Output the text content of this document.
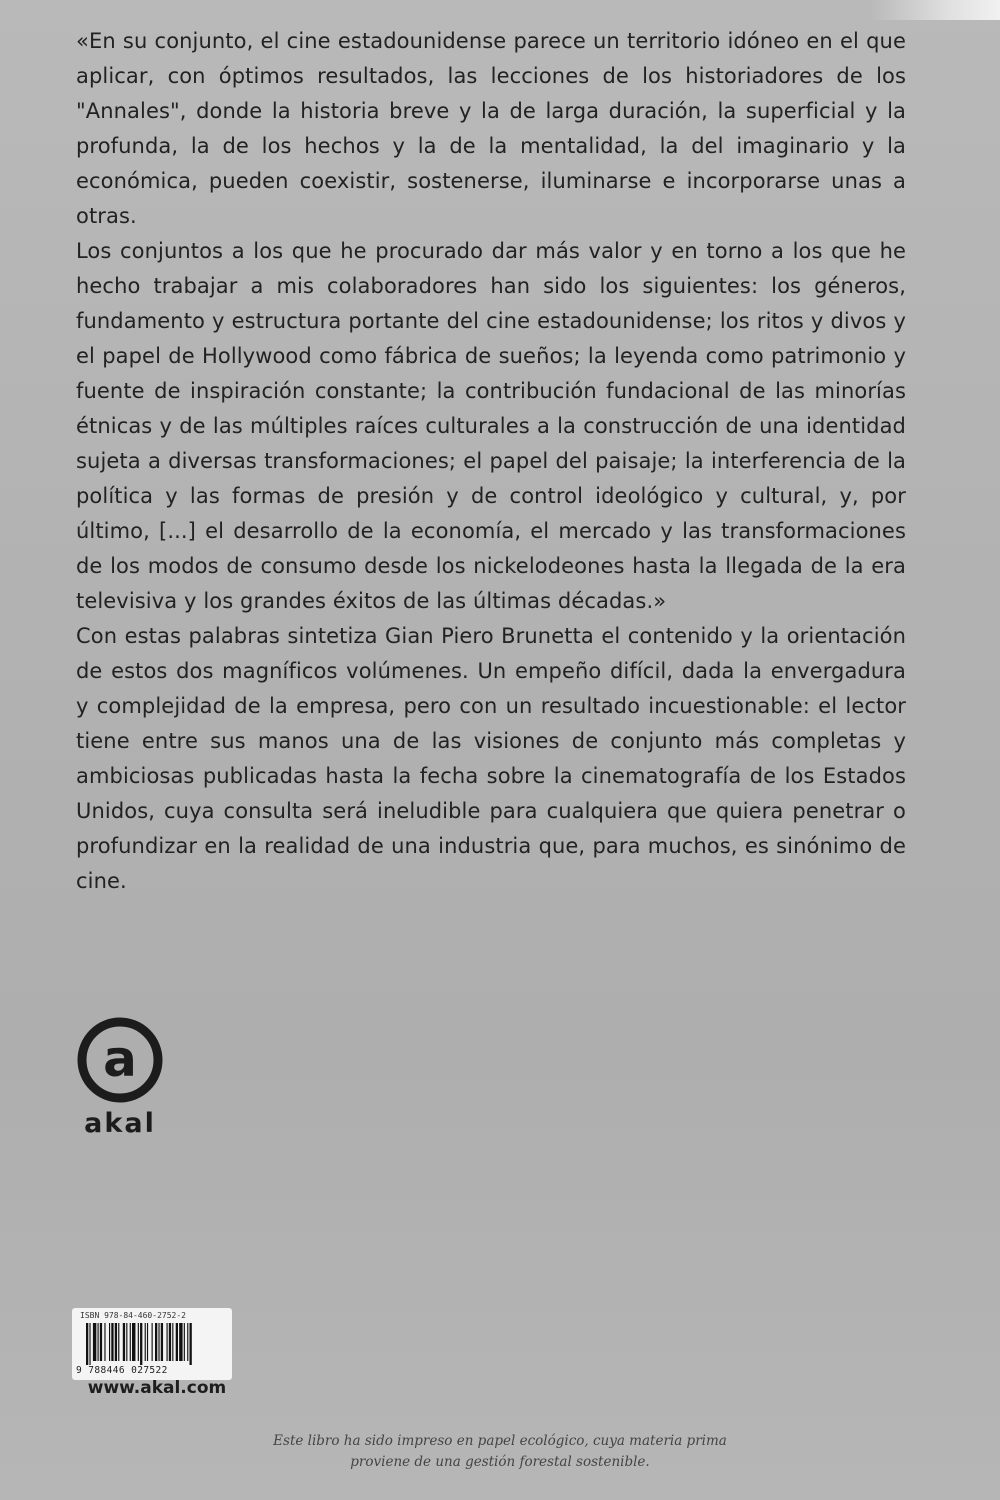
«En su conjunto, el cine estadounidense parece un territorio idóneo en el que aplicar, con óptimos resultados, las lecciones de los historiadores de los "Annales", donde la historia breve y la de larga duración, la superficial y la profunda, la de los hechos y la de la mentalidad, la del imaginario y la económica, pueden coexistir, sostenerse, iluminarse e incorporarse unas a otras.

Los conjuntos a los que he procurado dar más valor y en torno a los que he hecho trabajar a mis colaboradores han sido los siguientes: los géneros, fundamento y estructura portante del cine estadounidense; los ritos y divos y el papel de Hollywood como fábrica de sueños; la leyenda como patrimonio y fuente de inspiración constante; la contribución fundacional de las minorías étnicas y de las múltiples raíces culturales a la construcción de una identidad sujeta a diversas transformaciones; el papel del paisaje; la interferencia de la política y las formas de presión y de control ideológico y cultural, y, por último, [...] el desarrollo de la economía, el mercado y las transformaciones de los modos de consumo desde los nickelodeones hasta la llegada de la era televisiva y los grandes éxitos de las últimas décadas.»

Con estas palabras sintetiza Gian Piero Brunetta el contenido y la orientación de estos dos magníficos volúmenes. Un empeño difícil, dada la envergadura y complejidad de la empresa, pero con un resultado incuestionable: el lector tiene entre sus manos una de las visiones de conjunto más completas y ambiciosas publicadas hasta la fecha sobre la cinematografía de los Estados Unidos, cuya consulta será ineludible para cualquiera que quiera penetrar o profundizar en la realidad de una industria que, para muchos, es sinónimo de cine.

a
akal
ISBN 978-84-460-2752-2
9 788446 027522
www.akal.com
Este libro ha sido impreso en papel ecológico, cuya materia prima
proviene de una gestión forestal sostenible.
